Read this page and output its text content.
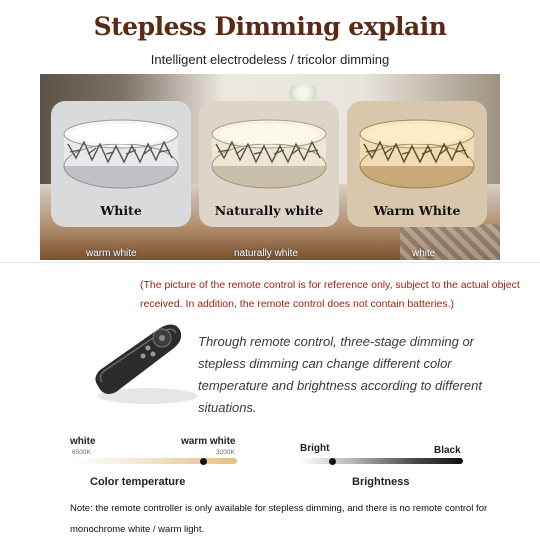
Stepless Dimming explain
Intelligent electrodeless / tricolor dimming
White	Naturally white	Warm White
warm white	naturally white	white
(The picture of the remote control is for reference only, subject to the actual object received. In addition, the remote control does not contain batteries.)
Through remote control, three-stage dimming or stepless dimming can change different color temperature and brightness according to different situations.
white	warm white
6500K	3200K
Color temperature
Bright	Black
Brightness
Note: the remote controller is only available for stepless dimming, and there is no remote control for monochrome white / warm light.
